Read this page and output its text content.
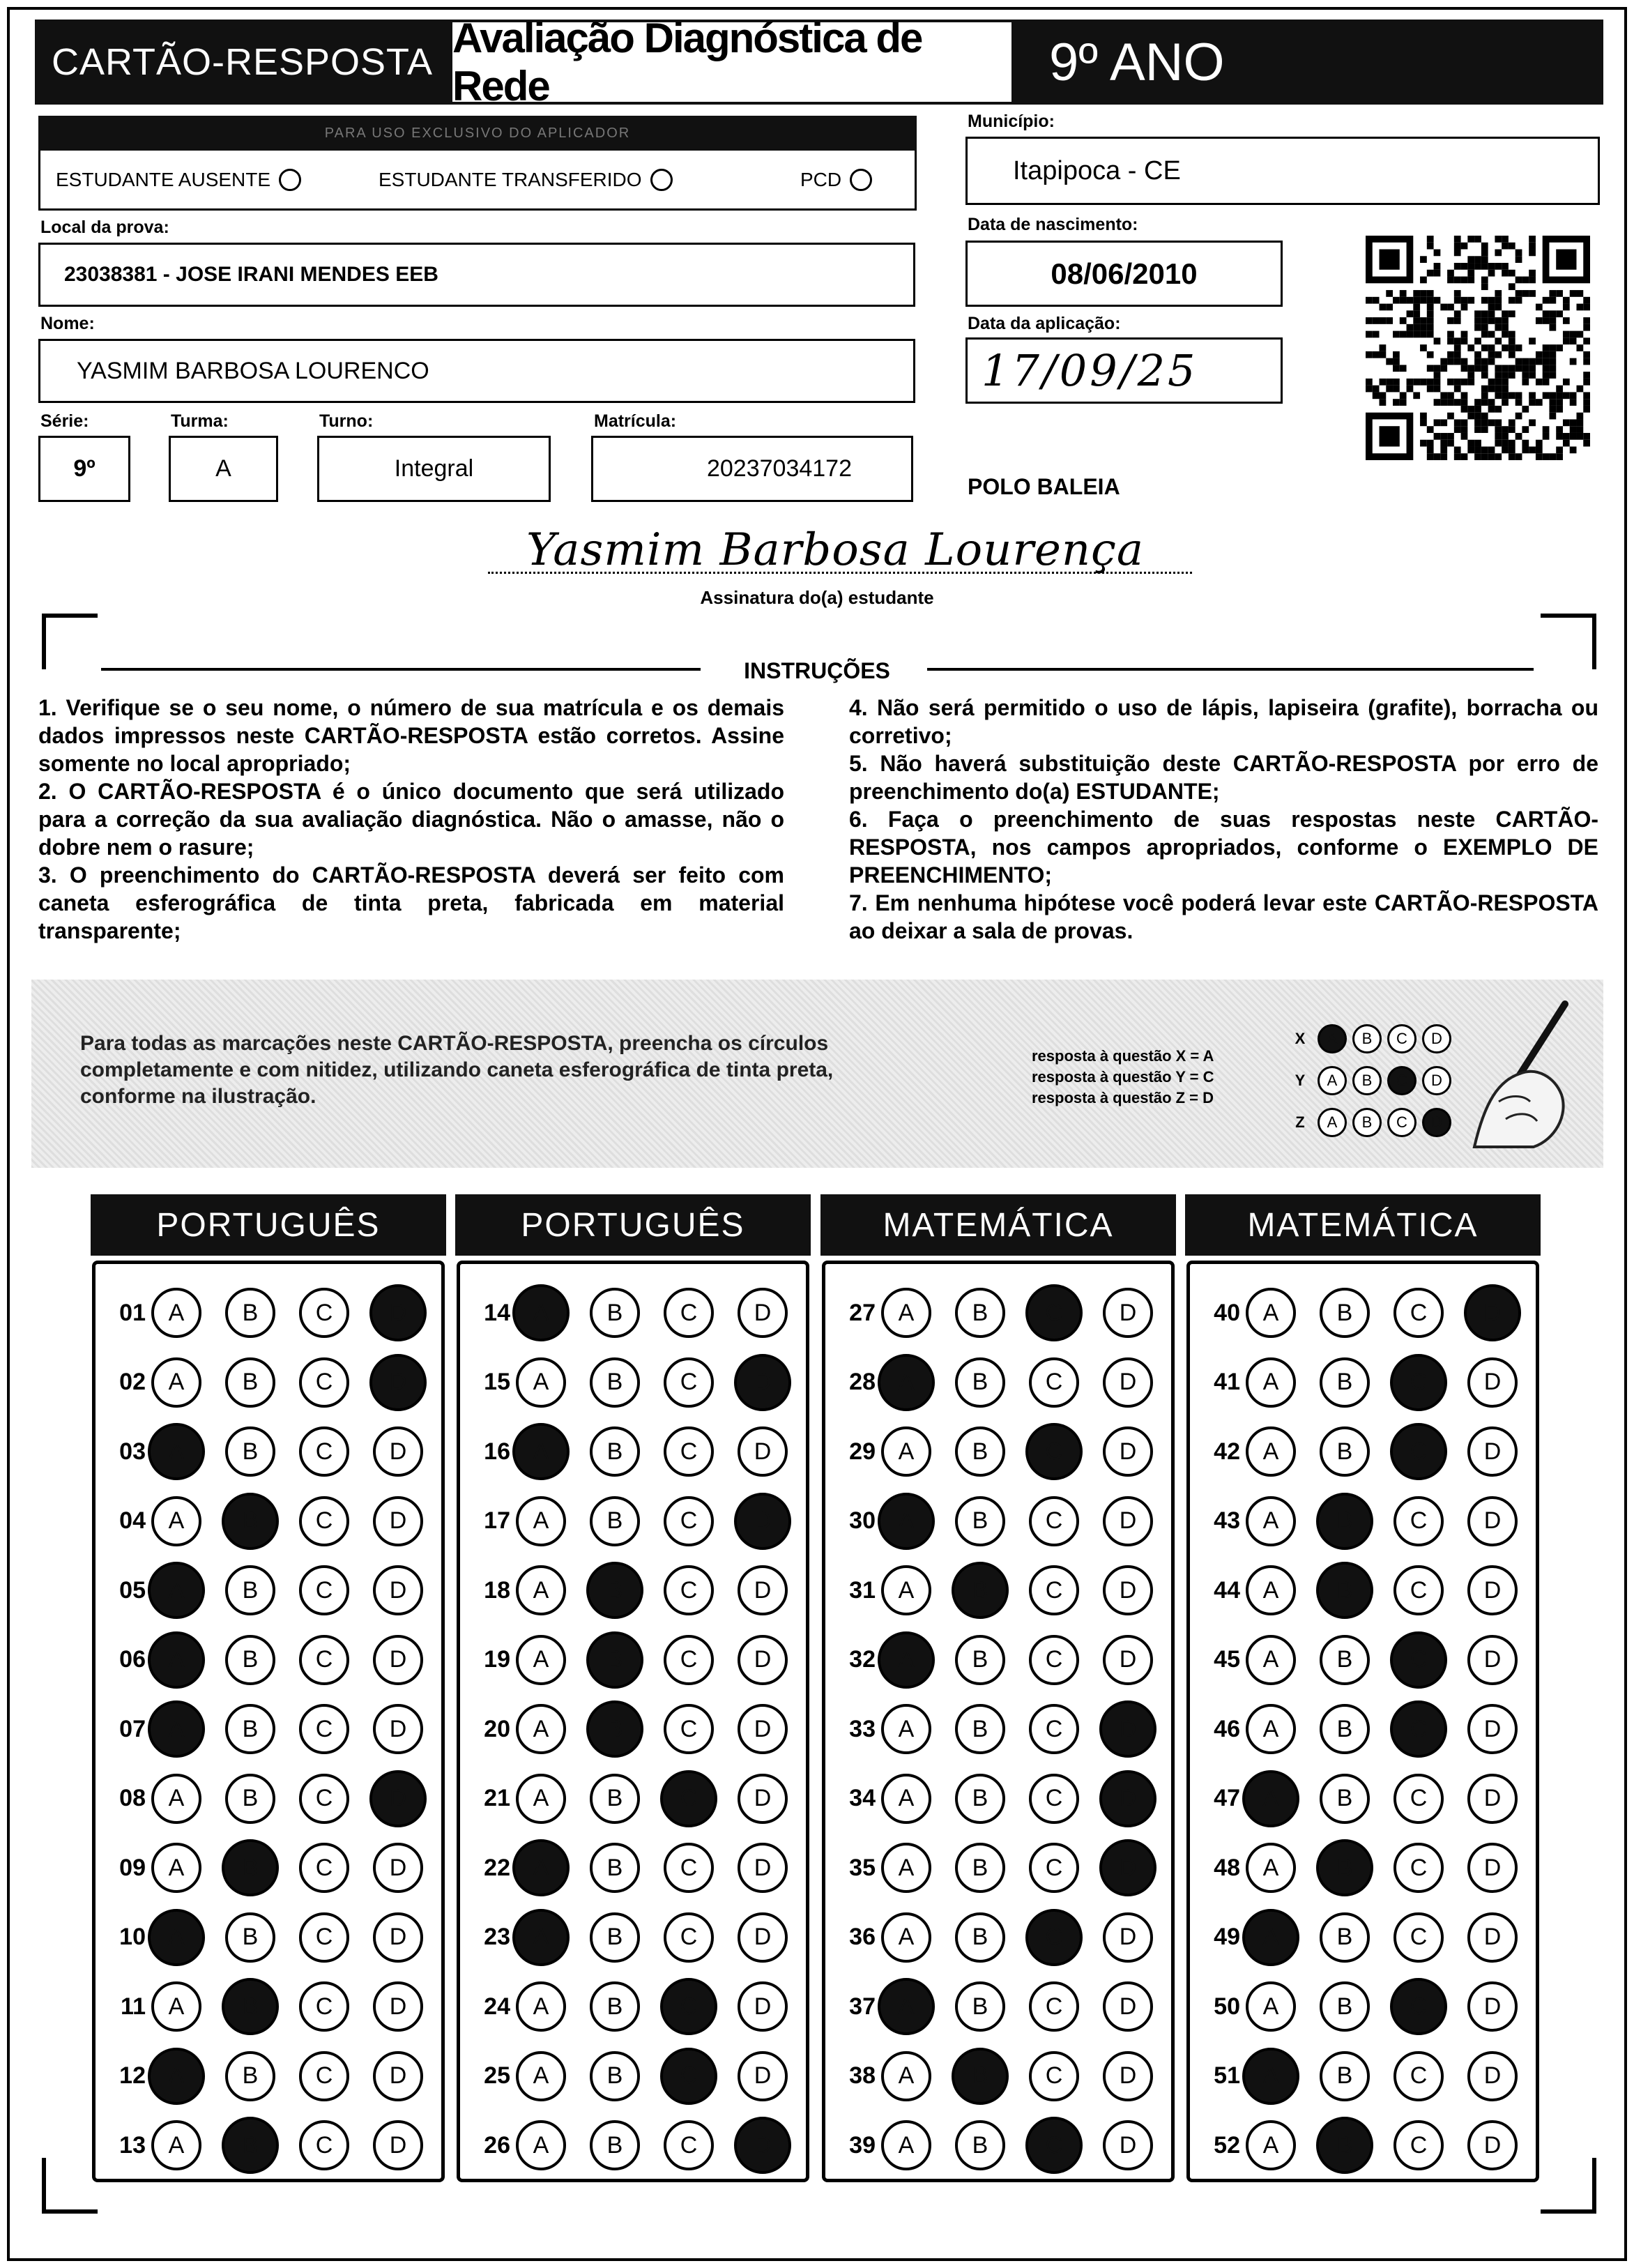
CARTÃO-RESPOSTA
Avaliação Diagnóstica de Rede	9º ANO
PARA USO EXCLUSIVO DO APLICADOR
ESTUDANTE AUSENTE	ESTUDANTE TRANSFERIDO	PCD
Local da prova:
23038381 - JOSE IRANI MENDES EEB
Nome:
YASMIM BARBOSA LOURENCO
Série:
9º
Turma:
A
Turno:
Integral
Matrícula:
20237034172
Município:
Itapipoca - CE
Data de nascimento:
08/06/2010
Data da aplicação:
17/09/25
POLO BALEIA
Yasmim Barbosa Lourença
Assinatura do(a) estudante
INSTRUÇÕES

1. Verifique se o seu nome, o número de sua matrícula e os demais dados impressos neste CARTÃO-RESPOSTA estão corretos. Assine somente no local apropriado;

2. O CARTÃO-RESPOSTA é o único documento que será utilizado para a correção da sua avaliação diagnóstica. Não o amasse, não o dobre nem o rasure;

3. O preenchimento do CARTÃO-RESPOSTA deverá ser feito com caneta esferográfica de tinta preta, fabricada em material transparente;

4. Não será permitido o uso de lápis, lapiseira (grafite), borracha ou corretivo;

5. Não haverá substituição deste CARTÃO-RESPOSTA por erro de preenchimento do(a) ESTUDANTE;

6. Faça o preenchimento de suas respostas neste CARTÃO-RESPOSTA, nos campos apropriados, conforme o EXEMPLO DE PREENCHIMENTO;

7. Em nenhuma hipótese você poderá levar este CARTÃO-RESPOSTA ao deixar a sala de provas.

Para todas as marcações neste CARTÃO-RESPOSTA, preencha os círculos completamente e com nitidez, utilizando caneta esferográfica de tinta preta, conforme na ilustração.
resposta à questão X = A
resposta à questão Y = C
resposta à questão Z = D
X	A	B	C	D
Y	A	B	C	D
Z	A	B	C	D
PORTUGUÊS
01 A	B	C	D
02 A	B	C	D
03 A	B	C	D
04 A	B	C	D
05 A	B	C	D
06 A	B	C	D
07 A	B	C	D
08 A	B	C	D
09 A	B	C	D
10 A	B	C	D
11 A	B	C	D
12 A	B	C	D
13 A	B	C	D
PORTUGUÊS
14 A	B	C	D
15 A	B	C	D
16 A	B	C	D
17 A	B	C	D
18 A	B	C	D
19 A	B	C	D
20 A	B	C	D
21 A	B	C	D
22 A	B	C	D
23 A	B	C	D
24 A	B	C	D
25 A	B	C	D
26 A	B	C	D
MATEMÁTICA
27 A	B	C	D
28 A	B	C	D
29 A	B	C	D
30 A	B	C	D
31 A	B	C	D
32 A	B	C	D
33 A	B	C	D
34 A	B	C	D
35 A	B	C	D
36 A	B	C	D
37 A	B	C	D
38 A	B	C	D
39 A	B	C	D
MATEMÁTICA
40 A	B	C	D
41 A	B	C	D
42 A	B	C	D
43 A	B	C	D
44 A	B	C	D
45 A	B	C	D
46 A	B	C	D
47 A	B	C	D
48 A	B	C	D
49 A	B	C	D
50 A	B	C	D
51 A	B	C	D
52 A	B	C	D
